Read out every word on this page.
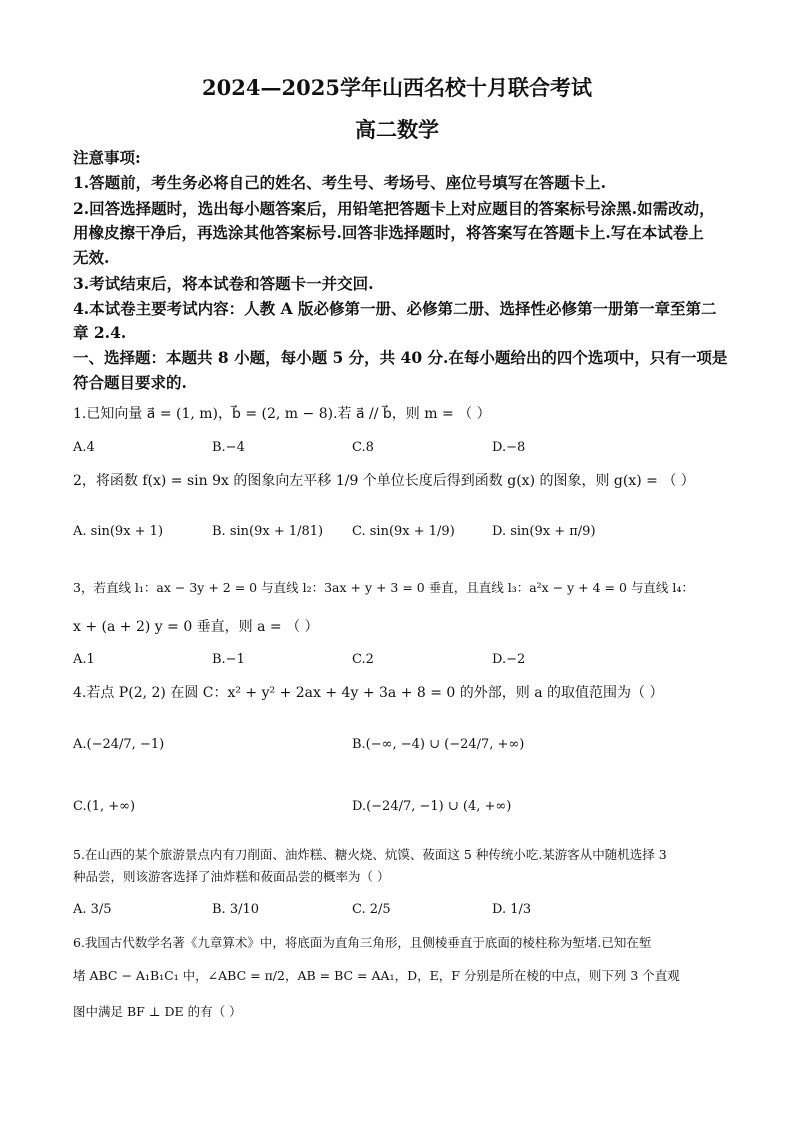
2024—2025学年山西名校十月联合考试
高二数学
注意事项:
1.答题前，考生务必将自己的姓名、考生号、考场号、座位号填写在答题卡上.
2.回答选择题时，选出每小题答案后，用铅笔把答题卡上对应题目的答案标号涂黑.如需改动，
用橡皮擦干净后，再选涂其他答案标号.回答非选择题时，将答案写在答题卡上.写在本试卷上
无效.
3.考试结束后，将本试卷和答题卡一并交回.
4.本试卷主要考试内容：人教 A 版必修第一册、必修第二册、选择性必修第一册第一章至第二
章 2.4.
一、选择题：本题共 8 小题，每小题 5 分，共 40 分.在每小题给出的四个选项中，只有一项是
符合题目要求的.
1.已知向量 a⃗ = (1, m)，b⃗ = (2, m − 8).若 a⃗ // b⃗，则 m = （ ）
A.4	B.−4	C.8	D.−8
2，将函数 f(x) = sin 9x 的图象向左平移 1/9 个单位长度后得到函数 g(x) 的图象，则 g(x) = （ ）
A. sin(9x + 1)	B. sin(9x + 1/81) C. sin(9x + 1/9)	D. sin(9x + π/9)
3，若直线 l₁：ax − 3y + 2 = 0 与直线 l₂：3ax + y + 3 = 0 垂直，且直线 l₃：a²x − y + 4 = 0 与直线 l₄：
x + (a + 2) y = 0 垂直，则 a = （ ）
A.1	B.−1	C.2	D.−2
4.若点 P(2, 2) 在圆 C：x² + y² + 2ax + 4y + 3a + 8 = 0 的外部，则 a 的取值范围为（ ）
A.(−24/7, −1)	B.(−∞, −4) ∪ (−24/7, +∞)
C.(1, +∞)	D.(−24/7, −1) ∪ (4, +∞)
5.在山西的某个旅游景点内有刀削面、油炸糕、糖火烧、炕馍、莜面这 5 种传统小吃.某游客从中随机选择 3
种品尝，则该游客选择了油炸糕和莜面品尝的概率为（ ）
A. 3/5	B. 3/10	C. 2/5	D. 1/3
6.我国古代数学名著《九章算术》中，将底面为直角三角形，且侧棱垂直于底面的棱柱称为堑堵.已知在堑
堵 ABC − A₁B₁C₁ 中，∠ABC = π/2，AB = BC = AA₁，D，E，F 分别是所在棱的中点，则下列 3 个直观
图中满足 BF ⊥ DE 的有（ ）
